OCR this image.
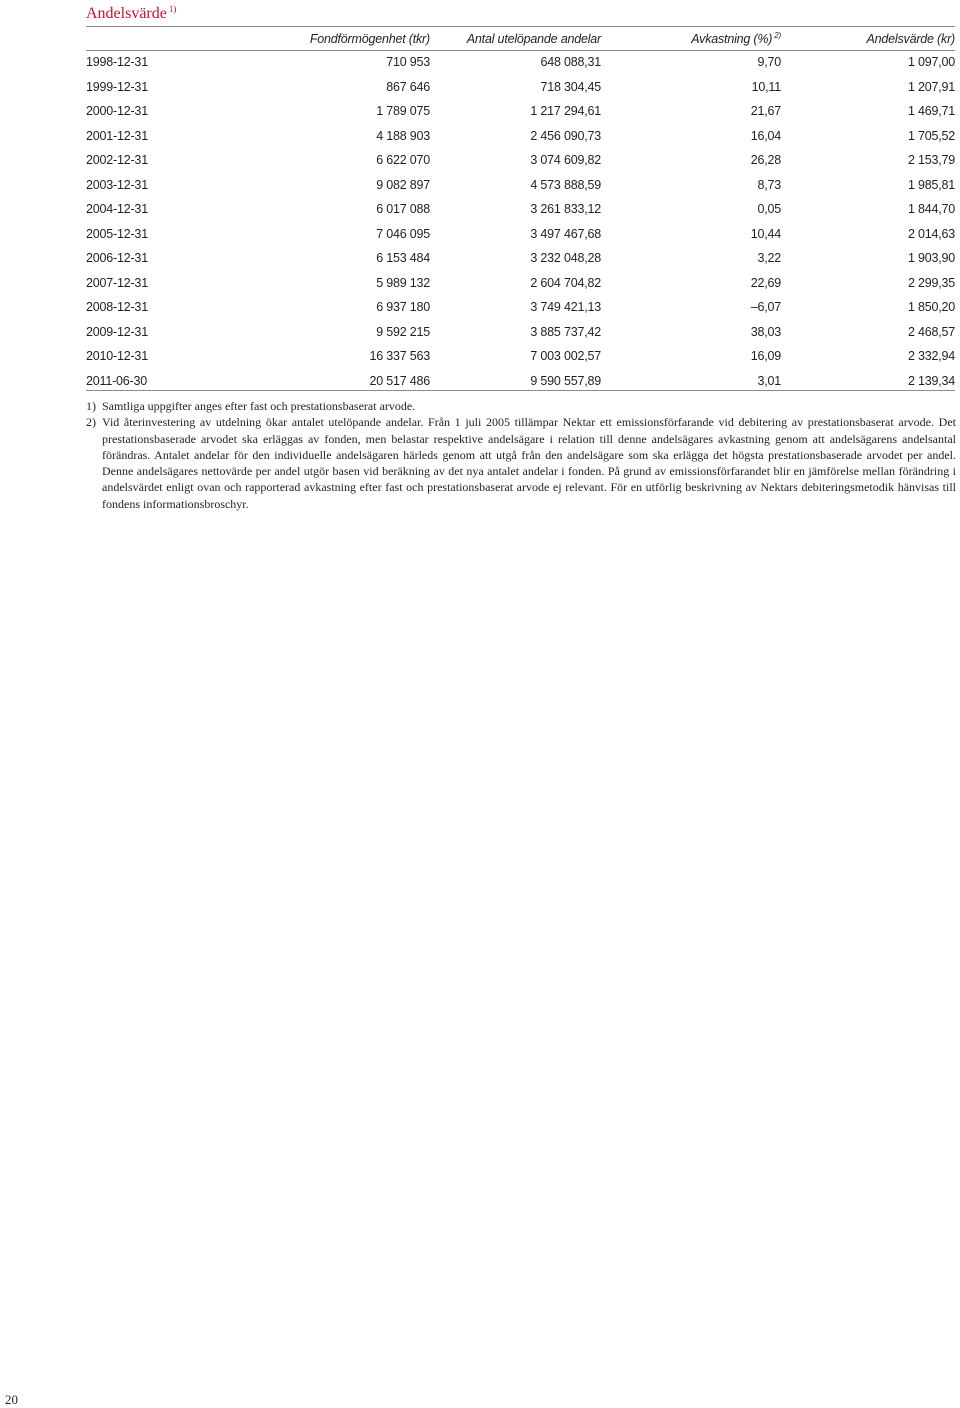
Andelsvärde $^{1)}$
	Fondförmögenhet (tkr)	Antal utelöpande andelar	Avkastning (%) $^{2)}$	Andelsvärde (kr)
1998-12-31	710 953	648 088,31	9,70	1 097,00
1999-12-31	867 646	718 304,45	10,11	1 207,91
2000-12-31	1 789 075	1 217 294,61	21,67	1 469,71
2001-12-31	4 188 903	2 456 090,73	16,04	1 705,52
2002-12-31	6 622 070	3 074 609,82	26,28	2 153,79
2003-12-31	9 082 897	4 573 888,59	8,73	1 985,81
2004-12-31	6 017 088	3 261 833,12	0,05	1 844,70
2005-12-31	7 046 095	3 497 467,68	10,44	2 014,63
2006-12-31	6 153 484	3 232 048,28	3,22	1 903,90
2007-12-31	5 989 132	2 604 704,82	22,69	2 299,35
2008-12-31	6 937 180	3 749 421,13	–6,07	1 850,20
2009-12-31	9 592 215	3 885 737,42	38,03	2 468,57
2010-12-31	16 337 563	7 003 002,57	16,09	2 332,94
2011-06-30	20 517 486	9 590 557,89	3,01	2 139,34

1) Samtliga uppgifter anges efter fast och prestationsbaserat arvode.

2) Vid återinvestering av utdelning ökar antalet utelöpande andelar. Från 1 juli 2005 tillämpar Nektar ett emissionsförfarande vid debitering av prestationsbaserat arvode. Det prestationsbaserade arvodet ska erläggas av fonden, men belastar respektive andelsägare i relation till denne andelsägares avkastning genom att andelsägarens andelsantal förändras. Antalet andelar för den individuelle andelsägaren härleds genom att utgå från den andelsägare som ska erlägga det högsta prestationsbaserade arvodet per andel. Denne andelsägares nettovärde per andel utgör basen vid beräkning av det nya antalet andelar i fonden. På grund av emissionsförfarandet blir en jämförelse mellan förändring i andelsvärdet enligt ovan och rapporterad avkastning efter fast och prestationsbaserat arvode ej relevant. För en utförlig beskrivning av Nektars debiteringsmetodik hänvisas till fondens informationsbroschyr.

20
